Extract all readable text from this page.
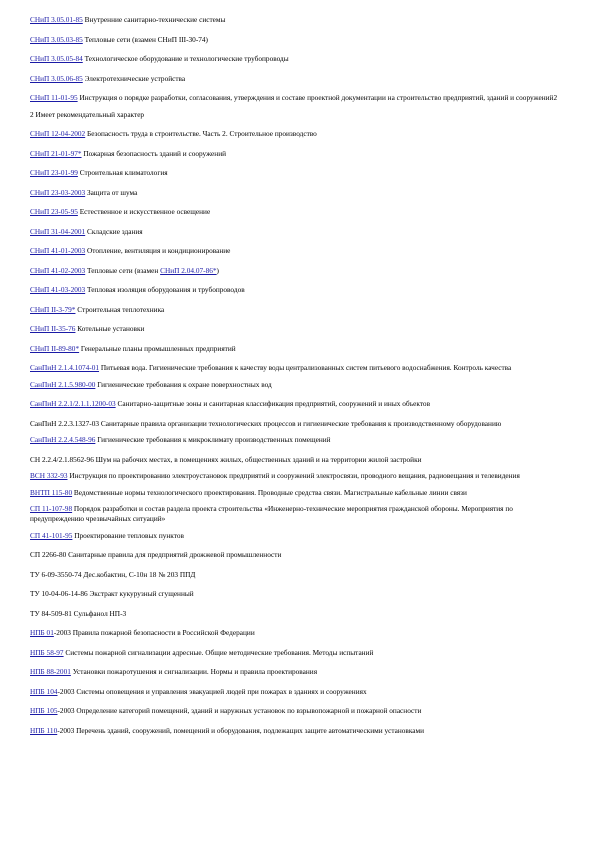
СНиП 3.05.01-85 Внутренние санитарно-технические системы
СНиП 3.05.03-85 Тепловые сети (взамен СНиП III-30-74)
СНиП 3.05.05-84 Технологическое оборудование и технологические трубопроводы
СНиП 3.05.06-85 Электротехнические устройства
СНиП 11-01-95 Инструкция о порядке разработки, согласования, утверждения и составе проектной документации на строительство предприятий, зданий и сооружений2
2 Имеет рекомендательный характер
СНиП 12-04-2002 Безопасность труда в строительстве. Часть 2. Строительное производство
СНиП 21-01-97* Пожарная безопасность зданий и сооружений
СНиП 23-01-99 Строительная климатология
СНиП 23-03-2003 Защита от шума
СНиП 23-05-95 Естественное и искусственное освещение
СНиП 31-04-2001 Складские здания
СНиП 41-01-2003 Отопление, вентиляция и кондиционирование
СНиП 41-02-2003 Тепловые сети (взамен СНиП 2.04.07-86*)
СНиП 41-03-2003 Тепловая изоляция оборудования и трубопроводов
СНиП II-3-79* Строительная теплотехника
СНиП II-35-76 Котельные установки
СНиП II-89-80* Генеральные планы промышленных предприятий
СанПиН 2.1.4.1074-01 Питьевая вода. Гигиенические требования к качеству воды централизованных систем питьевого водоснабжения. Контроль качества
СанПиН 2.1.5.980-00 Гигиенические требования к охране поверхностных вод
СанПиН 2.2.1/2.1.1.1200-03 Санитарно-защитные зоны и санитарная классификация предприятий, сооружений и иных объектов
СанПиН 2.2.3.1327-03 Санитарные правила организации технологических процессов и гигиенические требования к производственному оборудованию
СанПиН 2.2.4.548-96 Гигиенические требования к микроклимату производственных помещений
СН 2.2.4/2.1.8562-96 Шум на рабочих местах, в помещениях жилых, общественных зданий и на территории жилой застройки
ВСН 332-93 Инструкция по проектированию электроустановок предприятий и сооружений электросвязи, проводного вещания, радиовещания и телевидения
ВНТП 115-80 Ведомственные нормы технологического проектирования. Проводные средства связи. Магистральные кабельные линии связи
СП 11-107-98 Порядок разработки и состав раздела проекта строительства «Инженерно-технические мероприятия гражданской обороны. Мероприятия по предупреждению чрезвычайных ситуаций»
СП 41-101-95 Проектирование тепловых пунктов
СП 2266-80 Санитарные правила для предприятий дрожжевой промышленности
ТУ 6-09-3550-74 Дес.кобактин, С-10н 18 № 203 ППД
ТУ 10-04-06-14-86 Экстракт кукурузный сгущенный
ТУ 84-509-81 Сульфанол НП-3
НПБ 01-2003 Правила пожарной безопасности в Российской Федерации
НПБ 58-97 Системы пожарной сигнализации адресные. Общие методические требования. Методы испытаний
НПБ 88-2001 Установки пожаротушения и сигнализации. Нормы и правила проектирования
НПБ 104-2003 Системы оповещения и управления эвакуацией людей при пожарах в зданиях и сооружениях
НПБ 105-2003 Определение категорий помещений, зданий и наружных установок по взрывопожарной и пожарной опасности
НПБ 110-2003 Перечень зданий, сооружений, помещений и оборудования, подлежащих защите автоматическими установками
